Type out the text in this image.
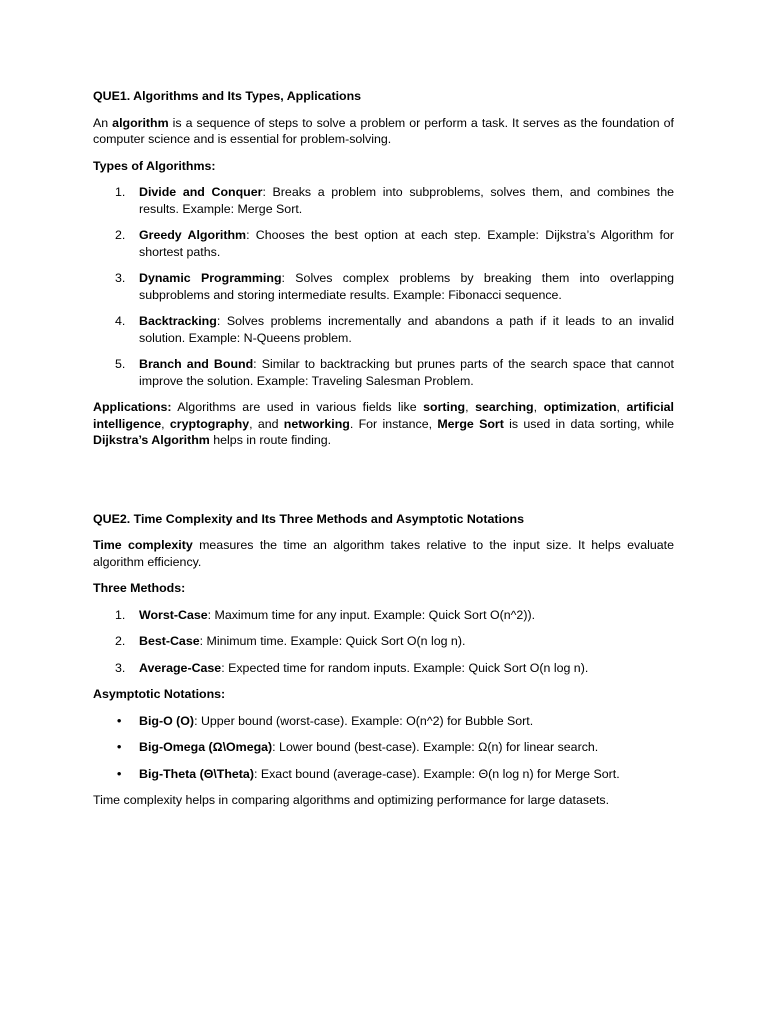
QUE1. Algorithms and Its Types, Applications
An algorithm is a sequence of steps to solve a problem or perform a task. It serves as the foundation of computer science and is essential for problem-solving.
Types of Algorithms:
1. Divide and Conquer: Breaks a problem into subproblems, solves them, and combines the results. Example: Merge Sort.
2. Greedy Algorithm: Chooses the best option at each step. Example: Dijkstra’s Algorithm for shortest paths.
3. Dynamic Programming: Solves complex problems by breaking them into overlapping subproblems and storing intermediate results. Example: Fibonacci sequence.
4. Backtracking: Solves problems incrementally and abandons a path if it leads to an invalid solution. Example: N-Queens problem.
5. Branch and Bound: Similar to backtracking but prunes parts of the search space that cannot improve the solution. Example: Traveling Salesman Problem.
Applications: Algorithms are used in various fields like sorting, searching, optimization, artificial intelligence, cryptography, and networking. For instance, Merge Sort is used in data sorting, while Dijkstra’s Algorithm helps in route finding.
QUE2. Time Complexity and Its Three Methods and Asymptotic Notations
Time complexity measures the time an algorithm takes relative to the input size. It helps evaluate algorithm efficiency.
Three Methods:
1. Worst-Case: Maximum time for any input. Example: Quick Sort O(n^2)).
2. Best-Case: Minimum time. Example: Quick Sort O(n log n).
3. Average-Case: Expected time for random inputs. Example: Quick Sort O(n log n).
Asymptotic Notations:
• Big-O (O): Upper bound (worst-case). Example: O(n^2) for Bubble Sort.
• Big-Omega (Ω\Omega): Lower bound (best-case). Example: Ω(n) for linear search.
• Big-Theta (Θ\Theta): Exact bound (average-case). Example: Θ(n log n) for Merge Sort.
Time complexity helps in comparing algorithms and optimizing performance for large datasets.
